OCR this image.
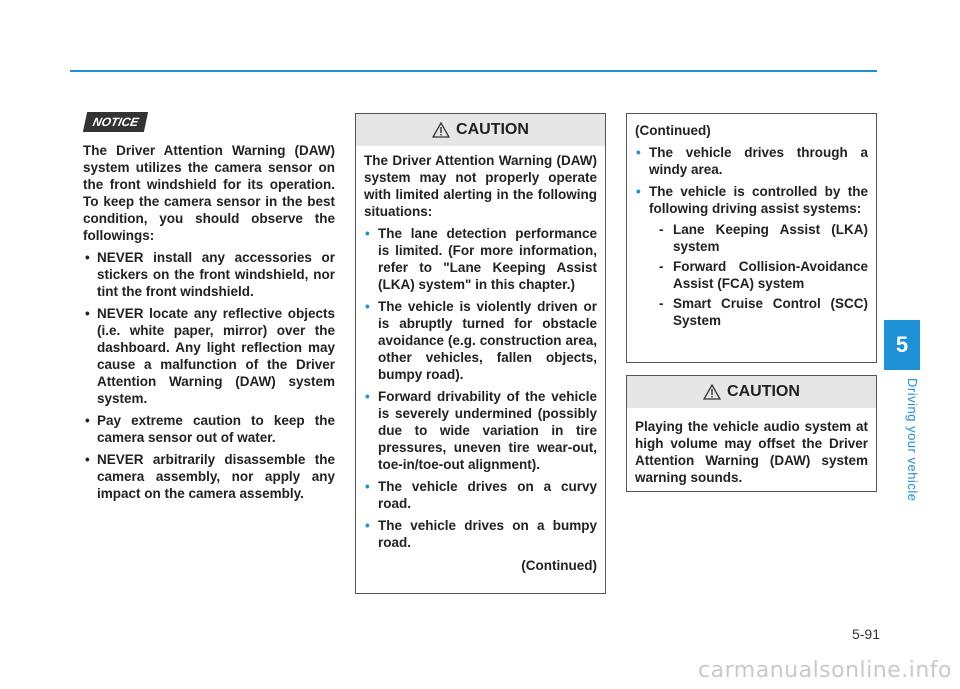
5
Driving your vehicle
NOTICE
The Driver Attention Warning (DAW) system utilizes the camera sensor on the front windshield for its operation. To keep the camera sensor in the best condition, you should observe the followings:
• NEVER install any accessories or stickers on the front windshield, nor tint the front windshield.
• NEVER locate any reflective objects (i.e. white paper, mirror) over the dashboard. Any light reflection may cause a malfunction of the Driver Attention Warning (DAW) system system.
• Pay extreme caution to keep the camera sensor out of water.
• NEVER arbitrarily disassemble the camera assembly, nor apply any impact on the camera assembly.
CAUTION

The Driver Attention Warning (DAW) system may not properly operate with limited alerting in the following situations:

• The lane detection performance is limited. (For more information, refer to "Lane Keeping Assist (LKA) system" in this chapter.)
• The vehicle is violently driven or is abruptly turned for obstacle avoidance (e.g. construction area, other vehicles, fallen objects, bumpy road).
• Forward drivability of the vehicle is severely undermined (possibly due to wide variation in tire pressures, uneven tire wear-out, toe-in/toe-out alignment).
• The vehicle drives on a curvy road.
• The vehicle drives on a bumpy road.
(Continued)

(Continued)

• The vehicle drives through a windy area.
• The vehicle is controlled by the following driving assist systems:
- Lane Keeping Assist (LKA) system
- Forward Collision-Avoidance Assist (FCA) system
- Smart Cruise Control (SCC) System
CAUTION

Playing the vehicle audio system at high volume may offset the Driver Attention Warning (DAW) system warning sounds.

5-91
carmanualsonline.info
